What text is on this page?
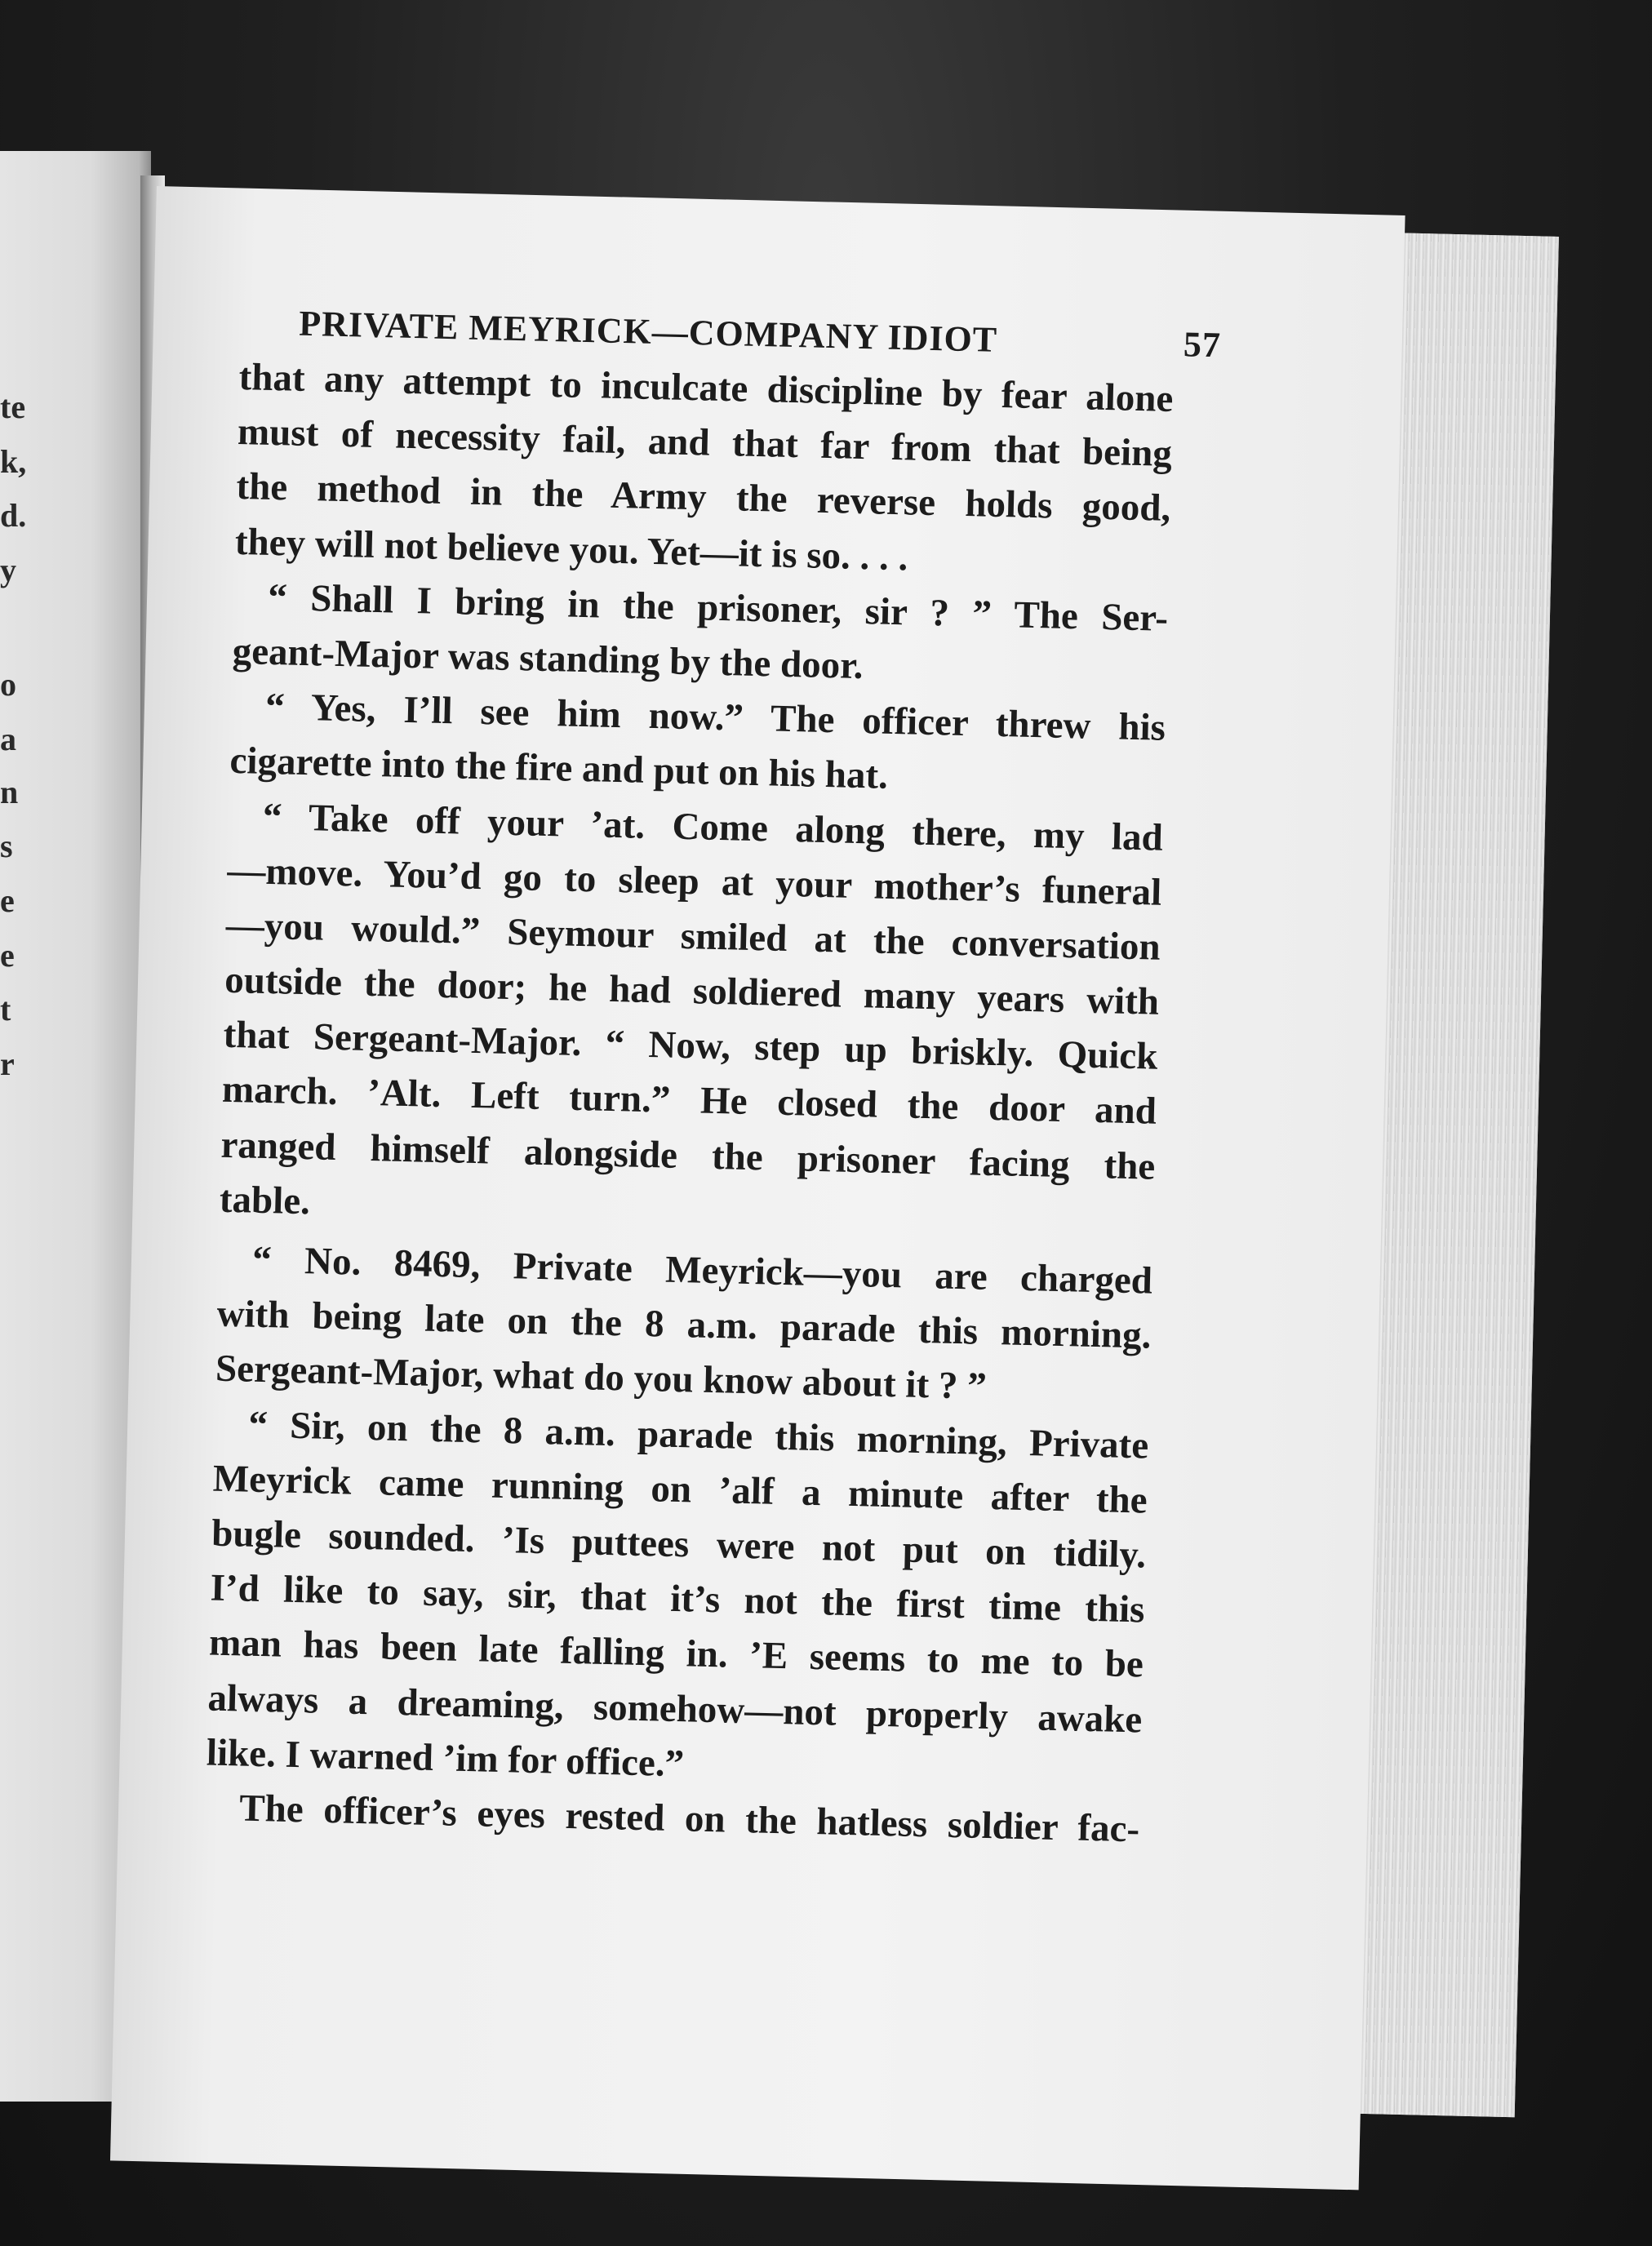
te
k,
d.
y
o
a
n
s
e
e
t
r
PRIVATE MEYRICK—COMPANY IDIOT	57
that any attempt to inculcate discipline by fear alone
must of necessity fail, and that far from that being
the method in the Army the reverse holds good,
they will not believe you. Yet—it is so. . . .
“ Shall I bring in the prisoner, sir ? ” The Ser-
geant-Major was standing by the door.
“ Yes, I’ll see him now.” The officer threw his
cigarette into the fire and put on his hat.
“ Take off your ’at. Come along there, my lad
—move. You’d go to sleep at your mother’s funeral
—you would.” Seymour smiled at the conversation
outside the door; he had soldiered many years with
that Sergeant-Major. “ Now, step up briskly. Quick
march. ’Alt. Left turn.” He closed the door and
ranged himself alongside the prisoner facing the
table.
“ No. 8469, Private Meyrick—you are charged
with being late on the 8 a.m. parade this morning.
Sergeant-Major, what do you know about it ? ”
“ Sir, on the 8 a.m. parade this morning, Private
Meyrick came running on ’alf a minute after the
bugle sounded. ’Is puttees were not put on tidily.
I’d like to say, sir, that it’s not the first time this
man has been late falling in. ’E seems to me to be
always a dreaming, somehow—not properly awake
like. I warned ’im for office.”
The officer’s eyes rested on the hatless soldier fac-
